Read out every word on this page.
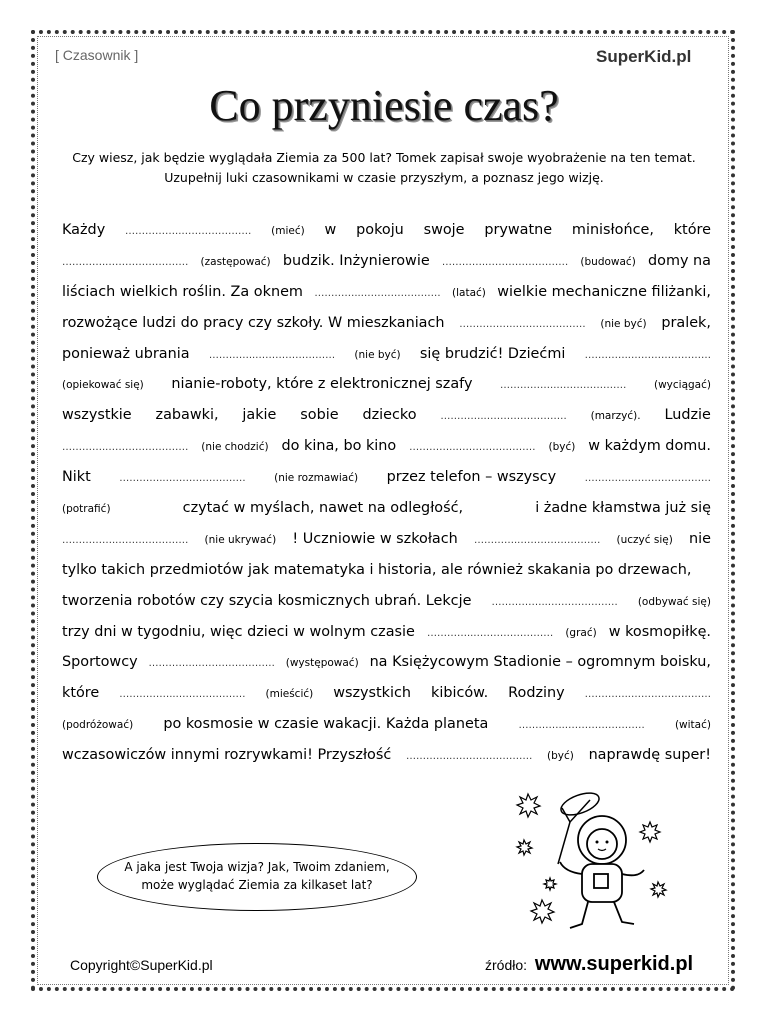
[ Czasownik ]	SuperKid.pl
Co przyniesie czas?
Czy wiesz, jak będzie wyglądała Ziemia za 500 lat? Tomek zapisał swoje wyobrażenie na ten temat.
Uzupełnij luki czasownikami w czasie przyszłym, a poznasz jego wizję.
Każdy ……………..………………… (mieć) w pokoju swoje prywatne minisłońce, które
…………..…………………… (zastępować) budzik. Inżynierowie …………..…………………… (budować) domy na
liściach wielkich roślin. Za oknem …………..…………………… (latać) wielkie mechaniczne filiżanki,
rozwożące ludzi do pracy czy szkoły. W mieszkaniach ……………..………………… (nie być) pralek,
ponieważ ubrania …………..…………………… (nie być) się brudzić! Dziećmi …………..……………………
(opiekować się) nianie-roboty, które z elektronicznej szafy	……………..…………………	(wyciągać)
wszystkie zabawki, jakie sobie dziecko …………..…………………… (marzyć). Ludzie
…………..…………………… (nie chodzić) do kina, bo kino …………..…………………… (być) w każdym domu.
Nikt	…………..……………………	(nie rozmawiać) przez telefon – wszyscy	…………..……………………
(potrafić)	czytać w myślach, nawet na odległość,	i żadne kłamstwa już się
……………..………………… (nie ukrywać) ! Uczniowie w szkołach …………..…………………… (uczyć się) nie
tylko takich przedmiotów jak matematyka i historia, ale również skakania po drzewach,
tworzenia robotów czy szycia kosmicznych ubrań. Lekcje ……………..………………… (odbywać się)
trzy dni w tygodniu, więc dzieci w wolnym czasie …………..…………………… (grać) w kosmopiłkę.
Sportowcy …………..…………………… (występować) na Księżycowym Stadionie – ogromnym boisku,
które ……………..………………… (mieścić) wszystkich kibiców. Rodziny …………..……………………
(podróżować) po kosmosie w czasie wakacji. Każda planeta	…………..……………………	(witać)
wczasowiczów innymi rozrywkami! Przyszłość …………..…………………… (być) naprawdę super!
A jaka jest Twoja wizja? Jak, Twoim zdaniem,
może wyglądać Ziemia za kilkaset lat?
Copyright©SuperKid.pl	źródło: www.superkid.pl
